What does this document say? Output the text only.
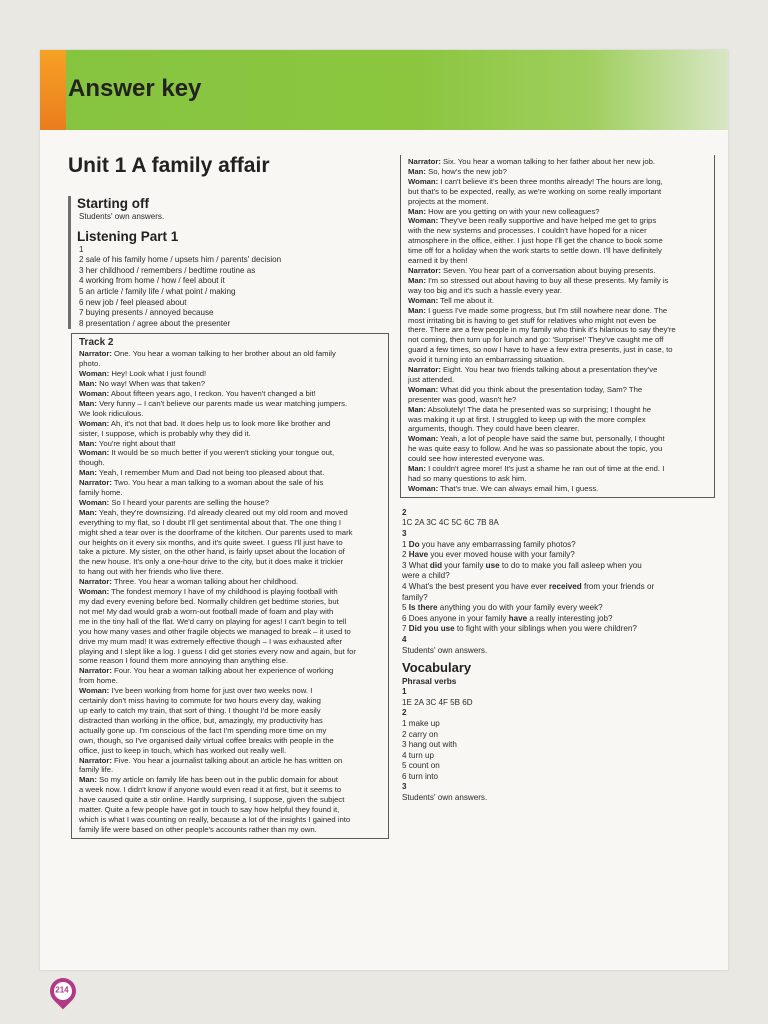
Answer key
Unit 1 A family affair
Starting off
Students' own answers.
Listening Part 1
1
2 sale of his family home / upsets him / parents' decision
3 her childhood / remembers / bedtime routine as
4 working from home / how / feel about it
5 an article / family life / what point / making
6 new job / feel pleased about
7 buying presents / annoyed because
8 presentation / agree about the presenter
Track 2
Narrator: One. You hear a woman talking to her brother about an old family
photo.
Woman: Hey! Look what I just found!
Man: No way! When was that taken?
Woman: About fifteen years ago, I reckon. You haven't changed a bit!
Man: Very funny – I can't believe our parents made us wear matching jumpers.
We look ridiculous.
Woman: Ah, it's not that bad. It does help us to look more like brother and
sister, I suppose, which is probably why they did it.
Man: You're right about that!
Woman: It would be so much better if you weren't sticking your tongue out,
though.
Man: Yeah, I remember Mum and Dad not being too pleased about that.
Narrator: Two. You hear a man talking to a woman about the sale of his
family home.
Woman: So I heard your parents are selling the house?
Man: Yeah, they're downsizing. I'd already cleared out my old room and moved
everything to my flat, so I doubt I'll get sentimental about that. The one thing I
might shed a tear over is the doorframe of the kitchen. Our parents used to mark
our heights on it every six months, and it's quite sweet. I guess I'll just have to
take a picture. My sister, on the other hand, is fairly upset about the location of
the new house. It's only a one-hour drive to the city, but it does make it trickier
to hang out with her friends who live there.
Narrator: Three. You hear a woman talking about her childhood.
Woman: The fondest memory I have of my childhood is playing football with
my dad every evening before bed. Normally children get bedtime stories, but
not me! My dad would grab a worn-out football made of foam and play with
me in the tiny hall of the flat. We'd carry on playing for ages! I can't begin to tell
you how many vases and other fragile objects we managed to break – it used to
drive my mum mad! It was extremely effective though – I was exhausted after
playing and I slept like a log. I guess I did get stories every now and again, but for
some reason I found them more annoying than anything else.
Narrator: Four. You hear a woman talking about her experience of working
from home.
Woman: I've been working from home for just over two weeks now. I
certainly don't miss having to commute for two hours every day, waking
up early to catch my train, that sort of thing. I thought I'd be more easily
distracted than working in the office, but, amazingly, my productivity has
actually gone up. I'm conscious of the fact I'm spending more time on my
own, though, so I've organised daily virtual coffee breaks with people in the
office, just to keep in touch, which has worked out really well.
Narrator: Five. You hear a journalist talking about an article he has written on
family life.
Man: So my article on family life has been out in the public domain for about
a week now. I didn't know if anyone would even read it at first, but it seems to
have caused quite a stir online. Hardly surprising, I suppose, given the subject
matter. Quite a few people have got in touch to say how helpful they found it,
which is what I was counting on really, because a lot of the insights I gained into
family life were based on other people's accounts rather than my own.
Narrator: Six. You hear a woman talking to her father about her new job.
Man: So, how's the new job?
Woman: I can't believe it's been three months already! The hours are long,
but that's to be expected, really, as we're working on some really important
projects at the moment.
Man: How are you getting on with your new colleagues?
Woman: They've been really supportive and have helped me get to grips
with the new systems and processes. I couldn't have hoped for a nicer
atmosphere in the office, either. I just hope I'll get the chance to book some
time off for a holiday when the work starts to settle down. I'll have definitely
earned it by then!
Narrator: Seven. You hear part of a conversation about buying presents.
Man: I'm so stressed out about having to buy all these presents. My family is
way too big and it's such a hassle every year.
Woman: Tell me about it.
Man: I guess I've made some progress, but I'm still nowhere near done. The
most irritating bit is having to get stuff for relatives who might not even be
there. There are a few people in my family who think it's hilarious to say they're
not coming, then turn up for lunch and go: 'Surprise!' They've caught me off
guard a few times, so now I have to have a few extra presents, just in case, to
avoid it turning into an embarrassing situation.
Narrator: Eight. You hear two friends talking about a presentation they've
just attended.
Woman: What did you think about the presentation today, Sam? The
presenter was good, wasn't he?
Man: Absolutely! The data he presented was so surprising; I thought he
was making it up at first. I struggled to keep up with the more complex
arguments, though. They could have been clearer.
Woman: Yeah, a lot of people have said the same but, personally, I thought
he was quite easy to follow. And he was so passionate about the topic, you
could see how interested everyone was.
Man: I couldn't agree more! It's just a shame he ran out of time at the end. I
had so many questions to ask him.
Woman: That's true. We can always email him, I guess.
2
1C 2A 3C 4C 5C 6C 7B 8A
3
1 Do you have any embarrassing family photos?
2 Have you ever moved house with your family?
3 What did your family use to do to make you fall asleep when you
were a child?
4 What's the best present you have ever received from your friends or
family?
5 Is there anything you do with your family every week?
6 Does anyone in your family have a really interesting job?
7 Did you use to fight with your siblings when you were children?
4
Students' own answers.
Vocabulary
Phrasal verbs
1
1E 2A 3C 4F 5B 6D
2
1 make up
2 carry on
3 hang out with
4 turn up
5 count on
6 turn into
3
Students' own answers.
214
